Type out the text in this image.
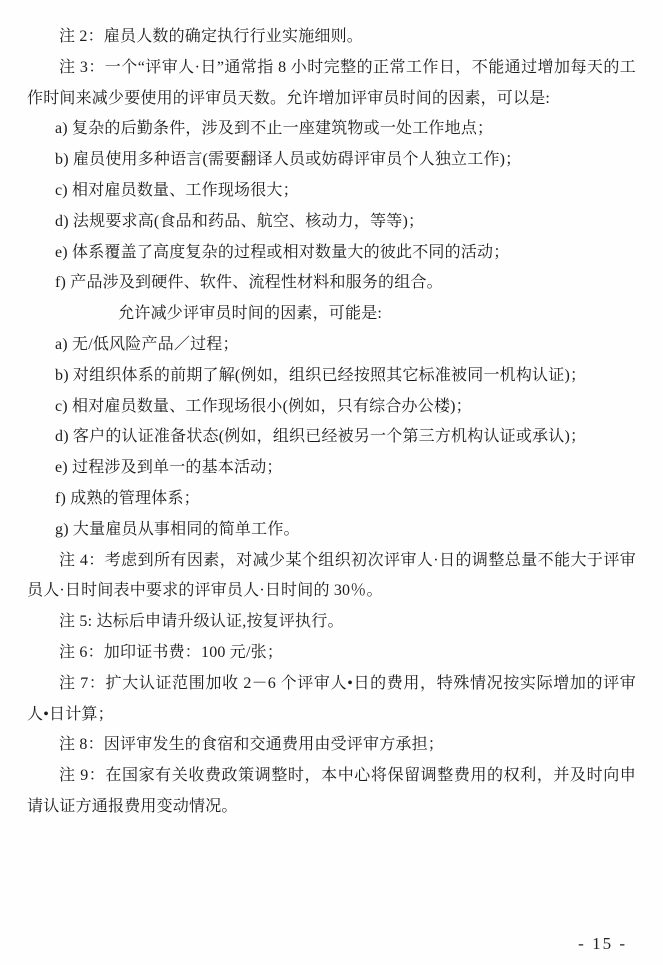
注 2：雇员人数的确定执行行业实施细则。

注 3：一个“评审人·日”通常指 8 小时完整的正常工作日，不能通过增加每天的工作时间来减少要使用的评审员天数。允许增加评审员时间的因素，可以是:

a) 复杂的后勤条件，涉及到不止一座建筑物或一处工作地点；

b) 雇员使用多种语言(需要翻译人员或妨碍评审员个人独立工作)；

c) 相对雇员数量、工作现场很大；

d) 法规要求高(食品和药品、航空、核动力，等等)；

e) 体系覆盖了高度复杂的过程或相对数量大的彼此不同的活动；

f) 产品涉及到硬件、软件、流程性材料和服务的组合。

允许减少评审员时间的因素，可能是:

a) 无/低风险产品／过程；

b) 对组织体系的前期了解(例如，组织已经按照其它标准被同一机构认证)；

c) 相对雇员数量、工作现场很小(例如，只有综合办公楼)；

d) 客户的认证准备状态(例如，组织已经被另一个第三方机构认证或承认)；

e) 过程涉及到单一的基本活动；

f) 成熟的管理体系；

g) 大量雇员从事相同的简单工作。

注 4：考虑到所有因素，对减少某个组织初次评审人·日的调整总量不能大于评审员人·日时间表中要求的评审员人·日时间的 30％。

注 5: 达标后申请升级认证,按复评执行。

注 6：加印证书费：100 元/张；

注 7：扩大认证范围加收 2－6 个评审人•日的费用，特殊情况按实际增加的评审人•日计算；

注 8：因评审发生的食宿和交通费用由受评审方承担；

注 9：在国家有关收费政策调整时，本中心将保留调整费用的权利，并及时向申请认证方通报费用变动情况。

- 15 -
